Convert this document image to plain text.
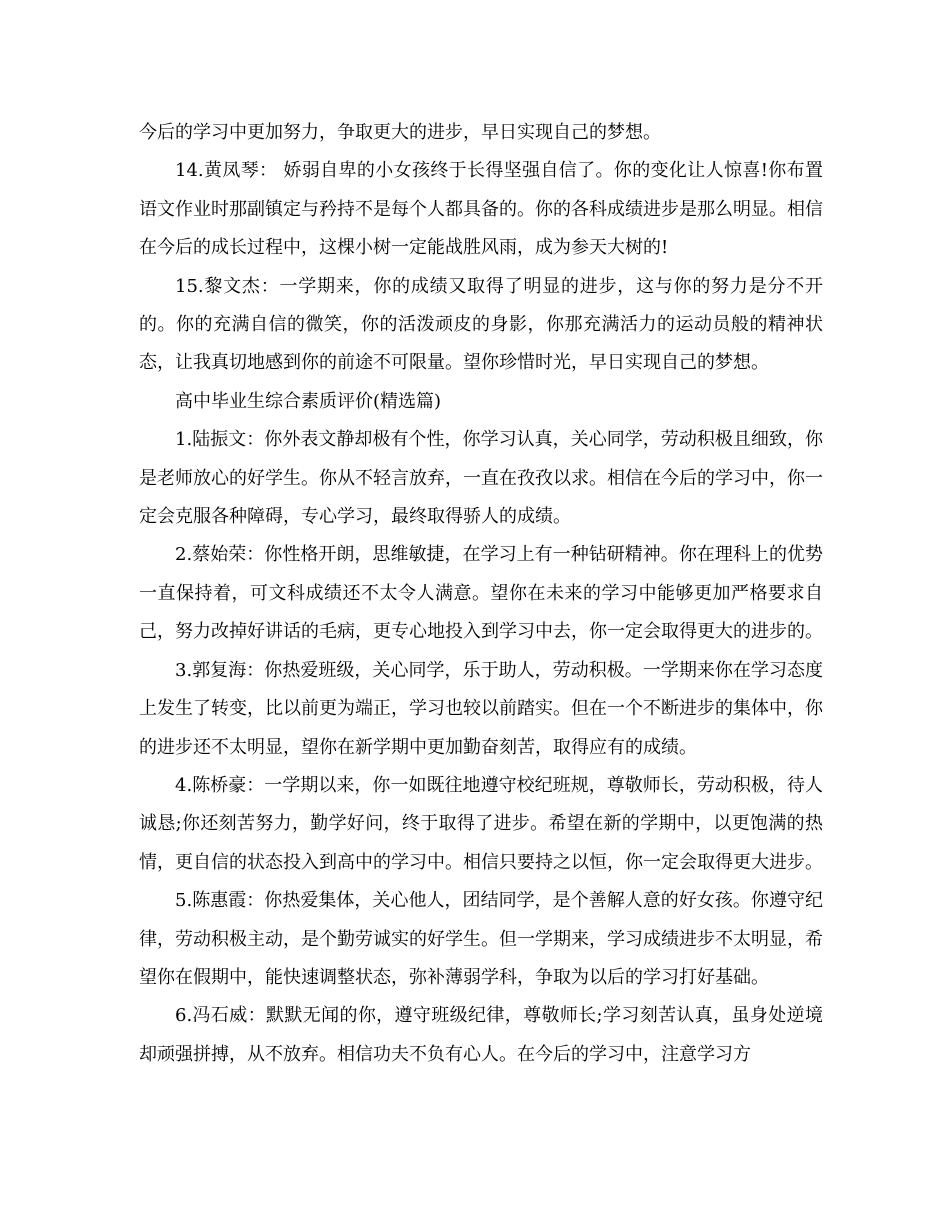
今后的学习中更加努力，争取更大的进步，早日实现自己的梦想。

14.黄凤琴： 娇弱自卑的小女孩终于长得坚强自信了。你的变化让人惊喜!你布置语文作业时那副镇定与矜持不是每个人都具备的。你的各科成绩进步是那么明显。相信在今后的成长过程中，这棵小树一定能战胜风雨，成为参天大树的!

15.黎文杰：一学期来，你的成绩又取得了明显的进步，这与你的努力是分不开的。你的充满自信的微笑，你的活泼顽皮的身影，你那充满活力的运动员般的精神状态，让我真切地感到你的前途不可限量。望你珍惜时光，早日实现自己的梦想。

高中毕业生综合素质评价(精选篇)

1.陆振文：你外表文静却极有个性，你学习认真，关心同学，劳动积极且细致，你是老师放心的好学生。你从不轻言放弃，一直在孜孜以求。相信在今后的学习中，你一定会克服各种障碍，专心学习，最终取得骄人的成绩。

2.蔡始荣：你性格开朗，思维敏捷，在学习上有一种钻研精神。你在理科上的优势一直保持着，可文科成绩还不太令人满意。望你在未来的学习中能够更加严格要求自己，努力改掉好讲话的毛病，更专心地投入到学习中去，你一定会取得更大的进步的。

3.郭复海：你热爱班级，关心同学，乐于助人，劳动积极。一学期来你在学习态度上发生了转变，比以前更为端正，学习也较以前踏实。但在一个不断进步的集体中，你的进步还不太明显，望你在新学期中更加勤奋刻苦，取得应有的成绩。

4.陈桥豪：一学期以来，你一如既往地遵守校纪班规，尊敬师长，劳动积极，待人诚恳;你还刻苦努力，勤学好问，终于取得了进步。希望在新的学期中，以更饱满的热情，更自信的状态投入到高中的学习中。相信只要持之以恒，你一定会取得更大进步。

5.陈惠霞：你热爱集体，关心他人，团结同学，是个善解人意的好女孩。你遵守纪律，劳动积极主动，是个勤劳诚实的好学生。但一学期来，学习成绩进步不太明显，希望你在假期中，能快速调整状态，弥补薄弱学科，争取为以后的学习打好基础。

6.冯石威：默默无闻的你，遵守班级纪律，尊敬师长;学习刻苦认真，虽身处逆境却顽强拼搏，从不放弃。相信功夫不负有心人。在今后的学习中，注意学习方
